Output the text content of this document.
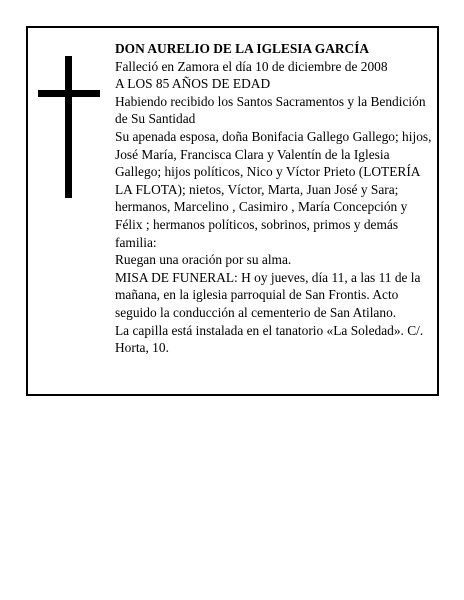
DON AURELIO DE LA IGLESIA GARCÍA

Falleció en Zamora el día 10 de diciembre de 2008

A LOS 85 AÑOS DE EDAD

Habiendo recibido los Santos Sacramentos y la Bendición de Su Santidad

Su apenada esposa, doña Bonifacia Gallego Gallego; hijos, José María, Francisca Clara y Valentín de la Iglesia Gallego; hijos políticos, Nico y Víctor Prieto (LOTERÍA LA FLOTA); nietos, Víctor, Marta, Juan José y Sara; hermanos, Marcelino , Casimiro , María Concepción y Félix ; hermanos políticos, sobrinos, primos y demás familia:

Ruegan una oración por su alma.

MISA DE FUNERAL: H oy jueves, día 11, a las 11 de la mañana, en la iglesia parroquial de San Frontis. Acto seguido la conducción al cementerio de San Atilano.

La capilla está instalada en el tanatorio «La Soledad». C/. Horta, 10.
